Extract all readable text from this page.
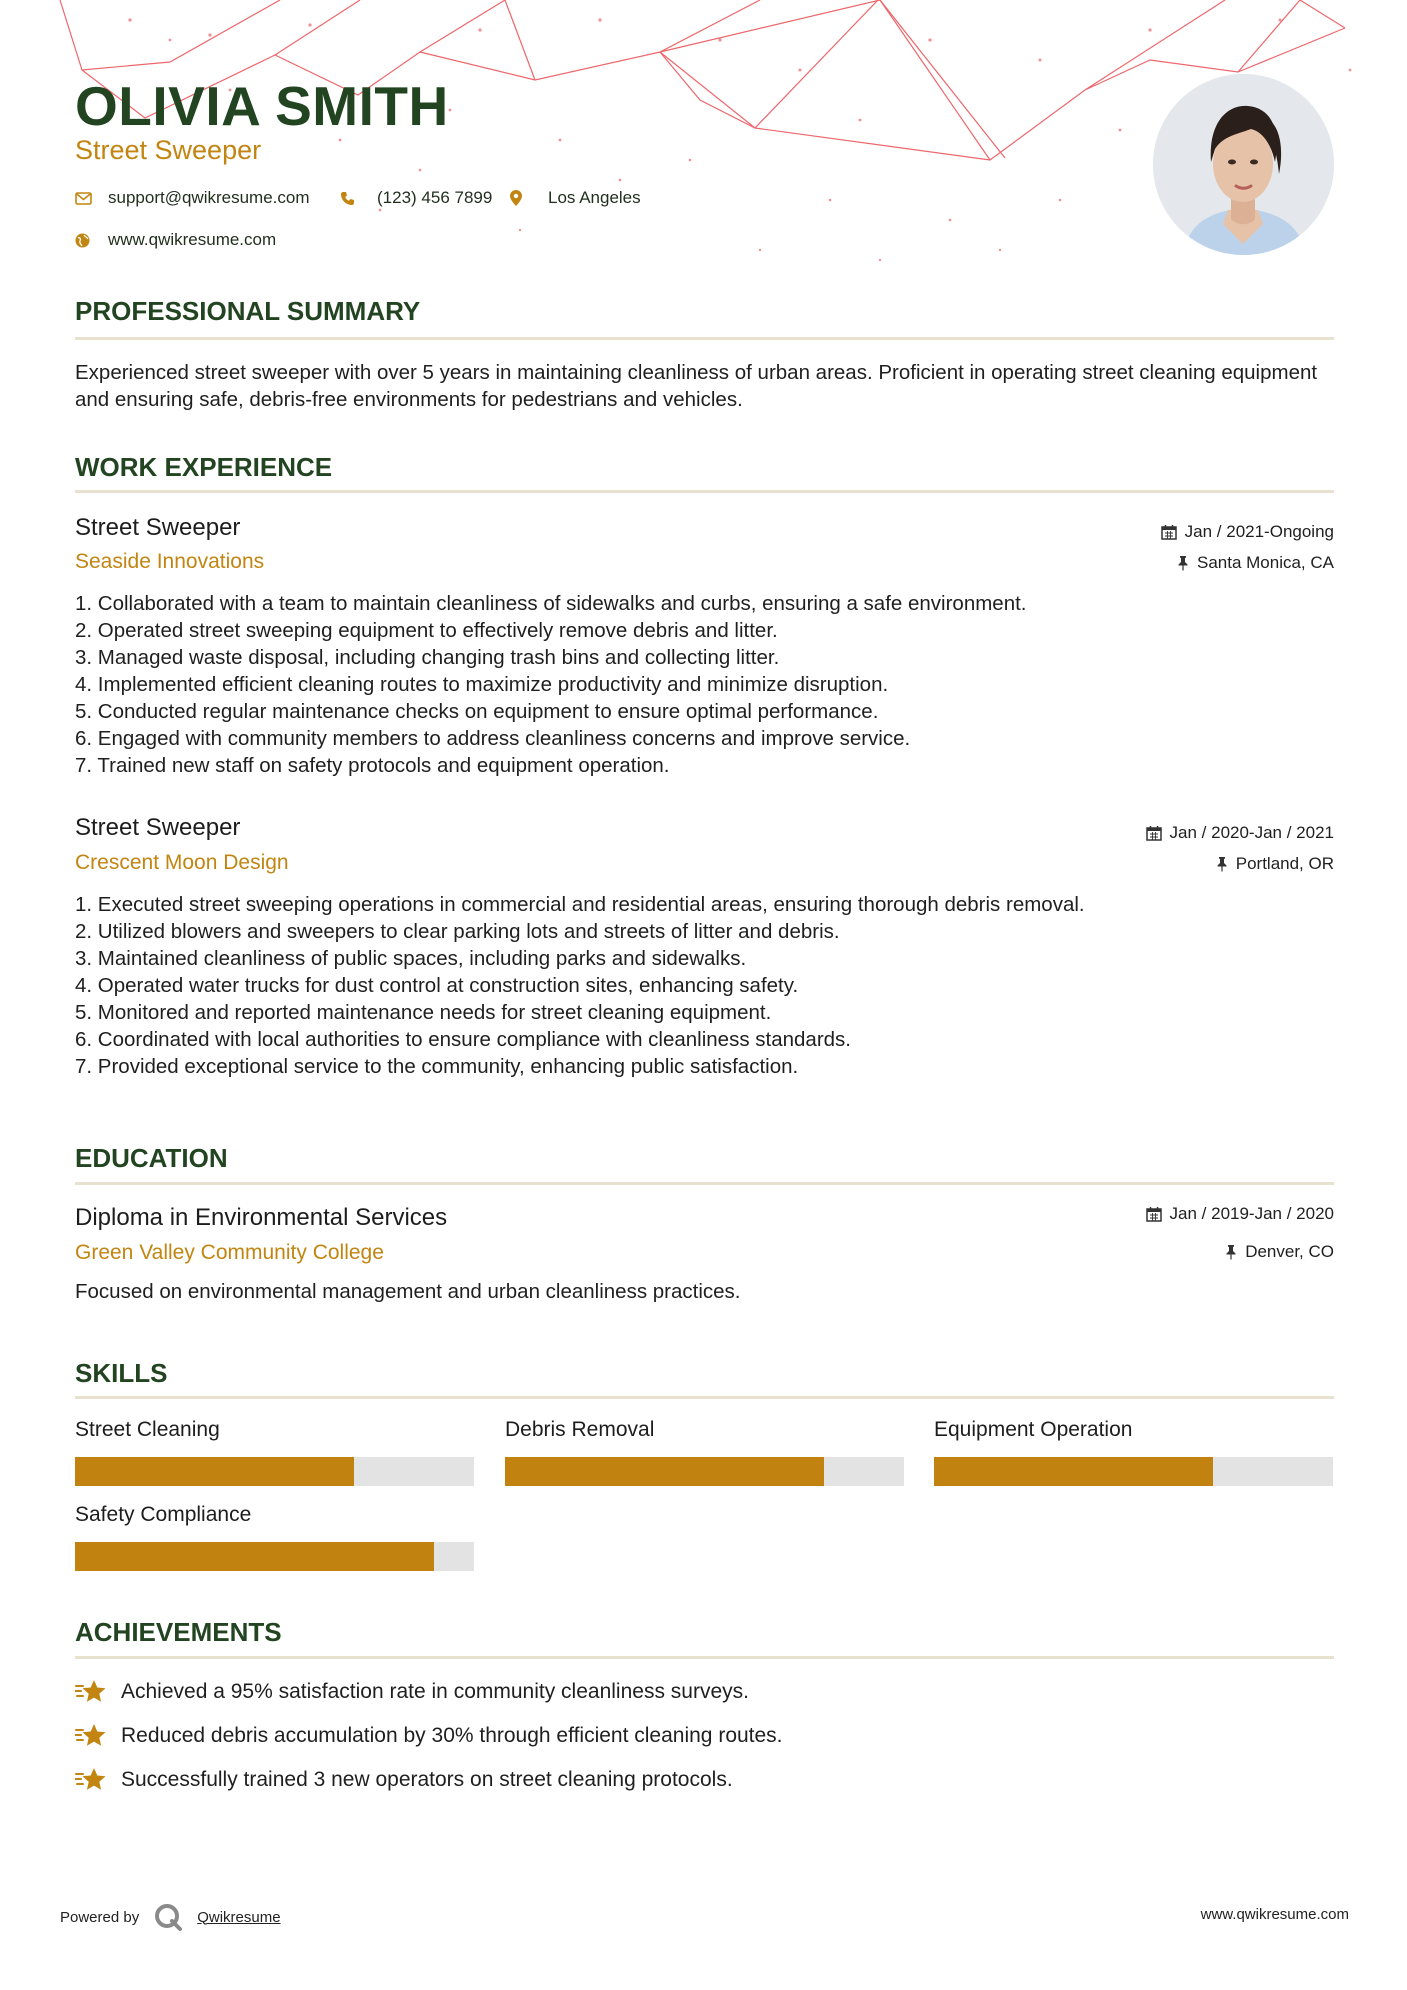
OLIVIA SMITH
Street Sweeper
support@qwikresume.com	(123) 456 7899	Los Angeles
www.qwikresume.com
PROFESSIONAL SUMMARY
Experienced street sweeper with over 5 years in maintaining cleanliness of urban areas. Proficient in operating street cleaning equipment and ensuring safe, debris-free environments for pedestrians and vehicles.
WORK EXPERIENCE
Street Sweeper
Seaside Innovations
Jan / 2021-Ongoing
Santa Monica, CA
1. Collaborated with a team to maintain cleanliness of sidewalks and curbs, ensuring a safe environment.
2. Operated street sweeping equipment to effectively remove debris and litter.
3. Managed waste disposal, including changing trash bins and collecting litter.
4. Implemented efficient cleaning routes to maximize productivity and minimize disruption.
5. Conducted regular maintenance checks on equipment to ensure optimal performance.
6. Engaged with community members to address cleanliness concerns and improve service.
7. Trained new staff on safety protocols and equipment operation.
Street Sweeper
Crescent Moon Design
Jan / 2020-Jan / 2021
Portland, OR
1. Executed street sweeping operations in commercial and residential areas, ensuring thorough debris removal.
2. Utilized blowers and sweepers to clear parking lots and streets of litter and debris.
3. Maintained cleanliness of public spaces, including parks and sidewalks.
4. Operated water trucks for dust control at construction sites, enhancing safety.
5. Monitored and reported maintenance needs for street cleaning equipment.
6. Coordinated with local authorities to ensure compliance with cleanliness standards.
7. Provided exceptional service to the community, enhancing public satisfaction.
EDUCATION
Diploma in Environmental Services
Green Valley Community College
Jan / 2019-Jan / 2020
Denver, CO
Focused on environmental management and urban cleanliness practices.
SKILLS
Street Cleaning	Debris Removal	Equipment Operation
Safety Compliance
ACHIEVEMENTS
Achieved a 95% satisfaction rate in community cleanliness surveys.
Reduced debris accumulation by 30% through efficient cleaning routes.
Successfully trained 3 new operators on street cleaning protocols.
Powered by	Qwikresume	www.qwikresume.com
